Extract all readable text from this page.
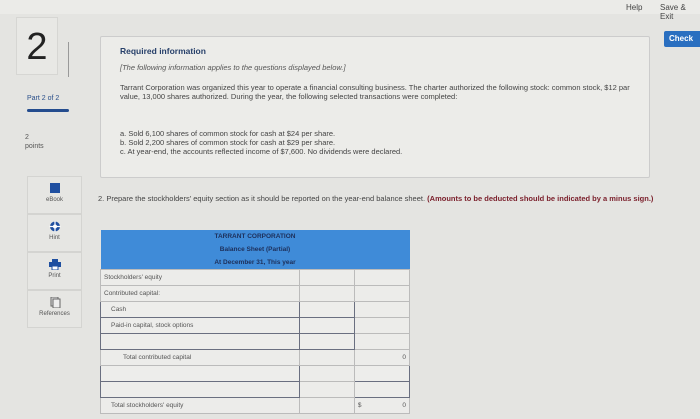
Help Save & Exit
Check
2
Part 2 of 2
2
points
eBook
Hint
Print
References
Required information
[The following information applies to the questions displayed below.]
Tarrant Corporation was organized this year to operate a financial consulting business. The charter authorized the following stock: common stock, $12 par value, 13,000 shares authorized. During the year, the following selected transactions were completed:
a. Sold 6,100 shares of common stock for cash at $24 per share.
b. Sold 2,200 shares of common stock for cash at $29 per share.
c. At year-end, the accounts reflected income of $7,600. No dividends were declared.
2. Prepare the stockholders' equity section as it should be reported on the year-end balance sheet. (Amounts to be deducted should be indicated by a minus sign.)
TARRANT CORPORATION		
Balance Sheet (Partial)		
At December 31, This year		
Stockholders' equity		
Contributed capital:		
Cash		
Paid-in capital, stock options		

Total contributed capital		0

Total stockholders' equity		$ 0
